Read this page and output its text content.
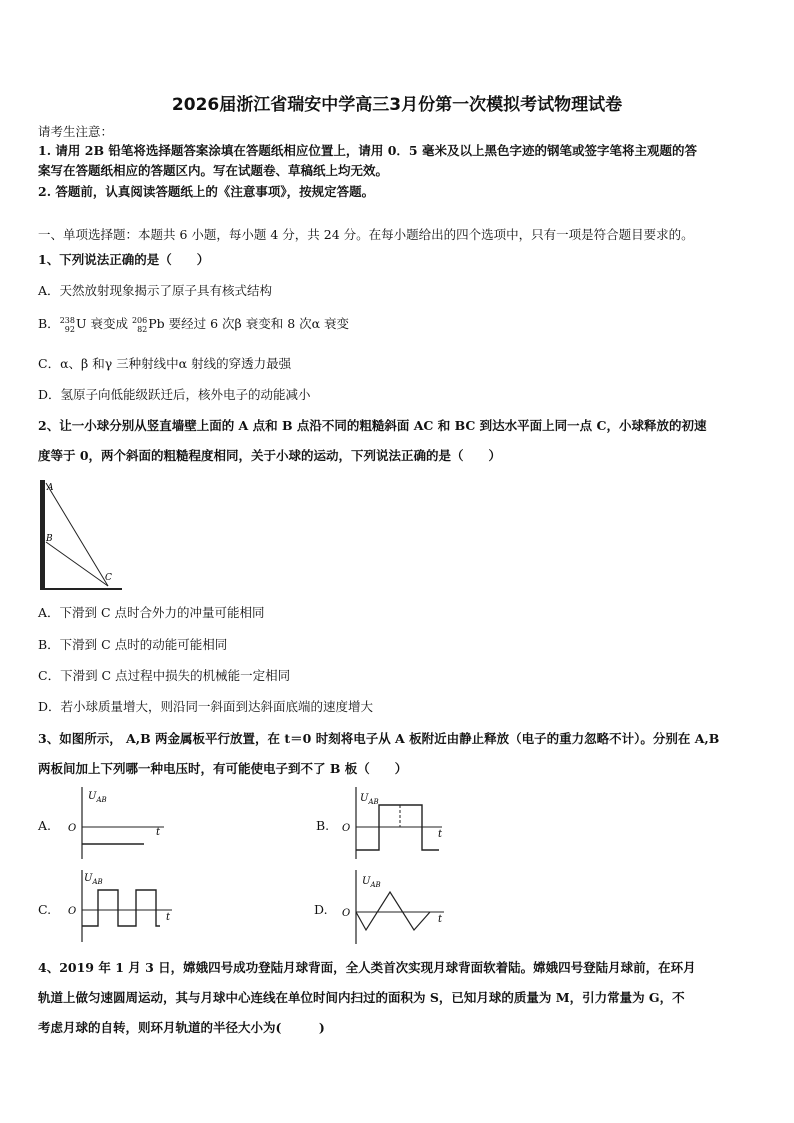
2026届浙江省瑞安中学高三3月份第一次模拟考试物理试卷
请考生注意：
1. 请用 2B 铅笔将选择题答案涂填在答题纸相应位置上，请用 0．5 毫米及以上黑色字迹的钢笔或签字笔将主观题的答
案写在答题纸相应的答题区内。写在试题卷、草稿纸上均无效。
2. 答题前，认真阅读答题纸上的《注意事项》，按规定答题。
一、单项选择题：本题共 6 小题，每小题 4 分，共 24 分。在每小题给出的四个选项中，只有一项是符合题目要求的。
1、下列说法正确的是（　　）
A．天然放射现象揭示了原子具有核式结构
B．238
92U 衰变成 206
82Pb 要经过 6 次β 衰变和 8 次α 衰变
C．α、β 和γ 三种射线中α 射线的穿透力最强
D．氢原子向低能级跃迁后，核外电子的动能减小
2、让一小球分别从竖直墙壁上面的 A 点和 B 点沿不同的粗糙斜面 AC 和 BC 到达水平面上同一点 C，小球释放的初速
度等于 0，两个斜面的粗糙程度相同，关于小球的运动，下列说法正确的是（　　）
A
B
C
A．下滑到 C 点时合外力的冲量可能相同
B．下滑到 C 点时的动能可能相同
C．下滑到 C 点过程中损失的机械能一定相同
D．若小球质量增大，则沿同一斜面到达斜面底端的速度增大
3、如图所示， A,B 两金属板平行放置，在 t＝0 时刻将电子从 A 板附近由静止释放（电子的重力忽略不计）。分别在 A,B
两板间加上下列哪一种电压时，有可能使电子到不了 B 板（　　）
A.
$U_{AB}$
O	t	B.
$U_{AB}$
O
t
C.
$U_{AB}$
O
t
D.
$U_{AB}$
O
t
4、2019 年 1 月 3 日，嫦娥四号成功登陆月球背面，全人类首次实现月球背面软着陆。嫦娥四号登陆月球前，在环月
轨道上做匀速圆周运动，其与月球中心连线在单位时间内扫过的面积为 S，已知月球的质量为 M，引力常量为 G，不
考虑月球的自转，则环月轨道的半径大小为(　　　)
